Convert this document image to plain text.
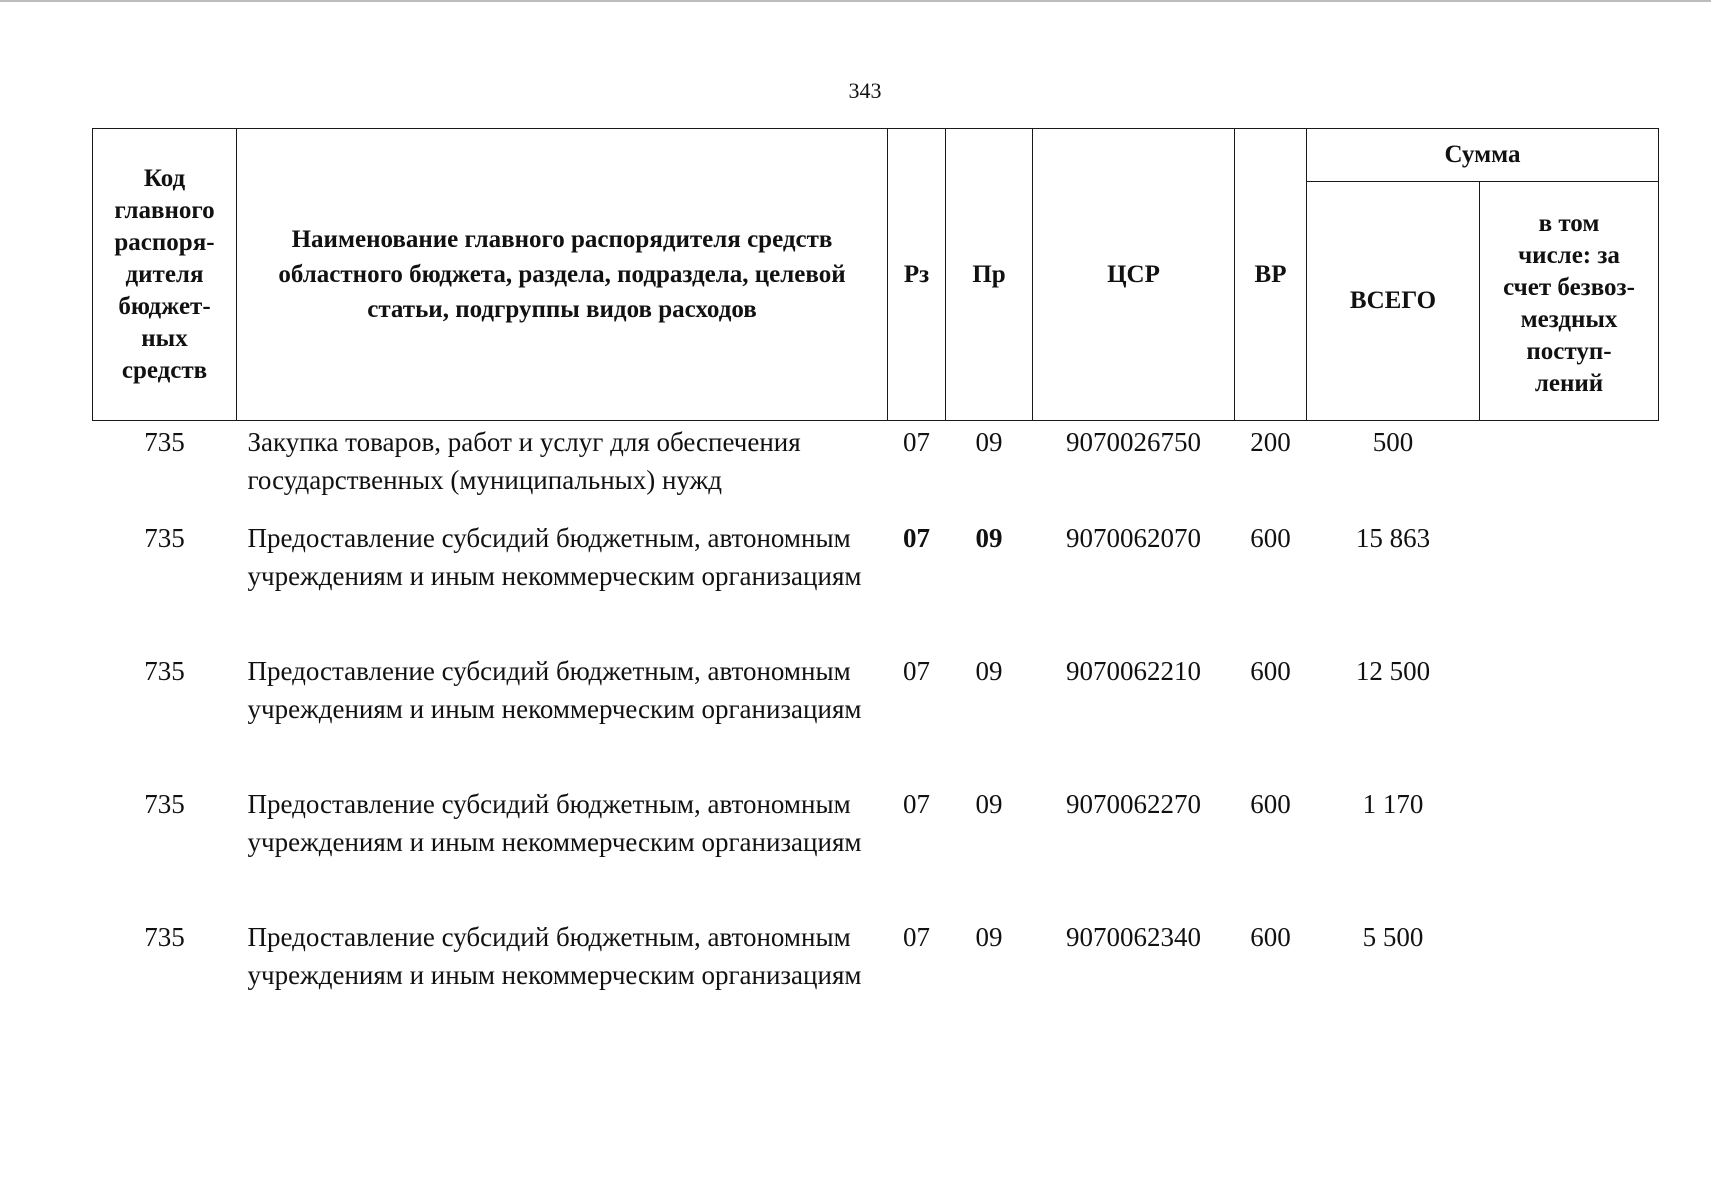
343
Код главного распоря-дителя бюджет-ных средств	Наименование главного распорядителя средств областного бюджета, раздела, подраздела, целевой статьи, подгруппы видов расходов	Рз	Пр	ЦСР	ВР	Сумма	
						ВСЕГО	в том числе: за счет безвоз-мездных поступ-лений
735	Закупка товаров, работ и услуг для обеспечения государственных (муниципальных) нужд	07	09	9070026750	200	500	
735	Предоставление субсидий бюджетным, автономным учреждениям и иным некоммерческим организациям	07	09	9070062070	600	15 863	
735	Предоставление субсидий бюджетным, автономным учреждениям и иным некоммерческим организациям	07	09	9070062210	600	12 500	
735	Предоставление субсидий бюджетным, автономным учреждениям и иным некоммерческим организациям	07	09	9070062270	600	1 170	
735	Предоставление субсидий бюджетным, автономным учреждениям и иным некоммерческим организациям	07	09	9070062340	600	5 500	
